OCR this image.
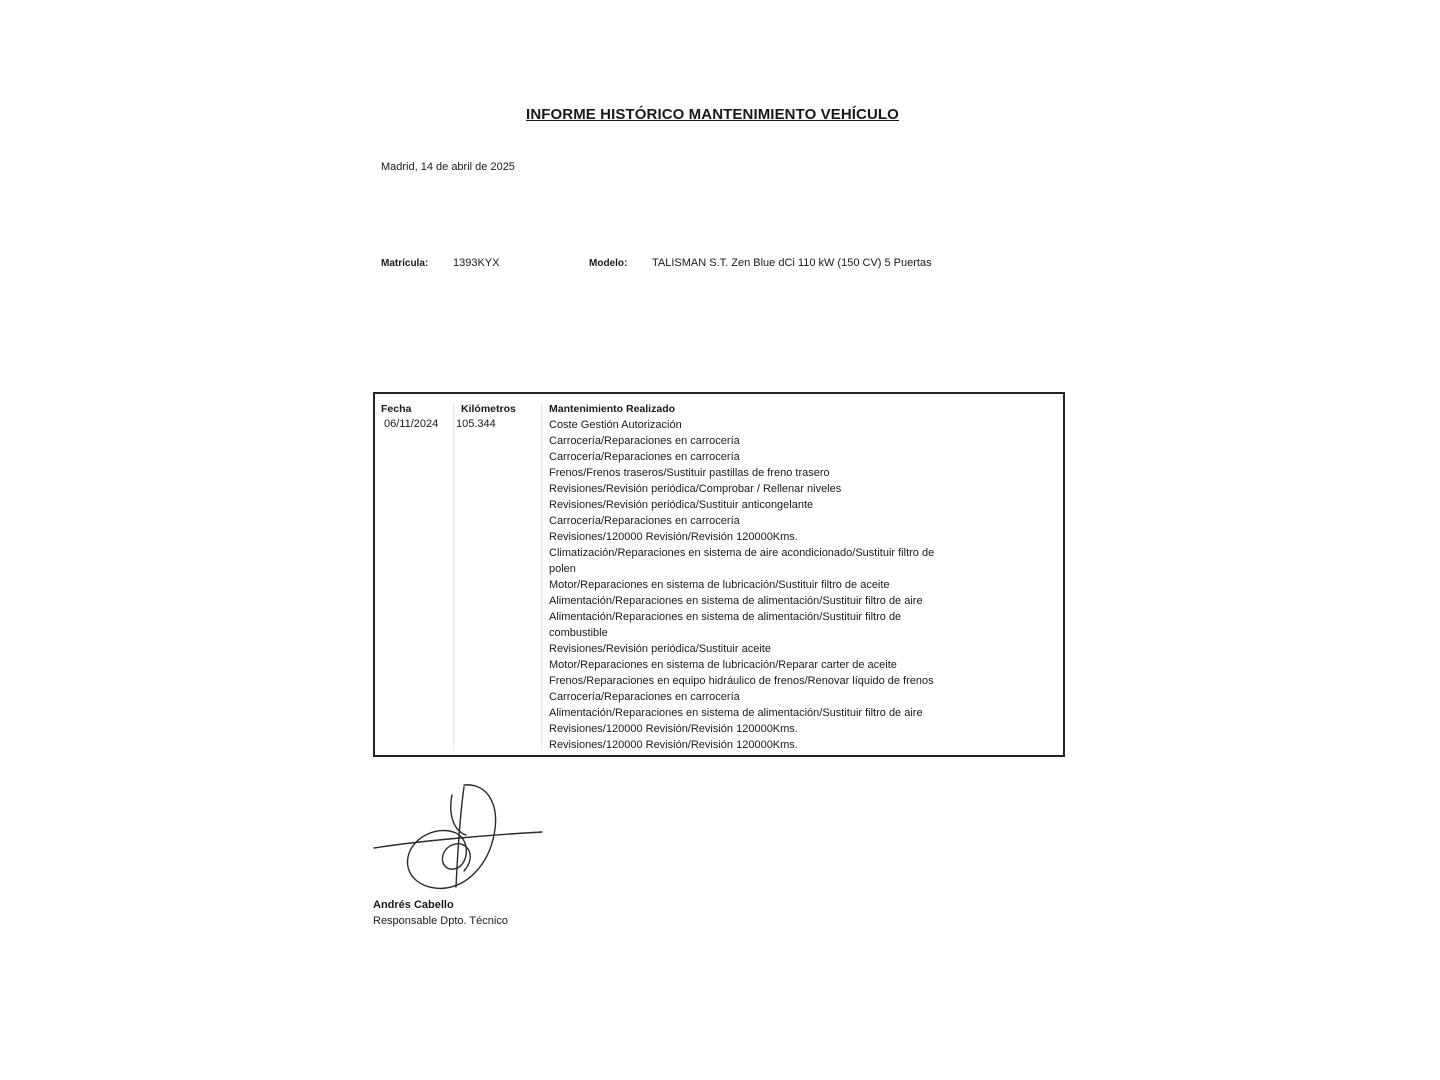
INFORME HISTÓRICO MANTENIMIENTO VEHÍCULO
Madrid, 14 de abril de 2025
Matrícula: 1393KYX	Modelo: TALISMAN S.T. Zen Blue dCi 110 kW (150 CV) 5 Puertas
Fecha	Kilómetros	Mantenimiento Realizado
06/11/2024 105.344	Coste Gestión Autorización
Carrocería/Reparaciones en carrocería
Carrocería/Reparaciones en carrocería
Frenos/Frenos traseros/Sustituir pastillas de freno trasero
Revisiones/Revisión periódica/Comprobar / Rellenar niveles
Revisiones/Revisión periódica/Sustituir anticongelante
Carrocería/Reparaciones en carrocería
Revisiones/120000 Revisión/Revisión 120000Kms.
Climatización/Reparaciones en sistema de aire acondicionado/Sustituir filtro de
polen
Motor/Reparaciones en sistema de lubricación/Sustituir filtro de aceite
Alimentación/Reparaciones en sistema de alimentación/Sustituir filtro de aire
Alimentación/Reparaciones en sistema de alimentación/Sustituir filtro de
combustible
Revisiones/Revisión periódica/Sustituir aceite
Motor/Reparaciones en sistema de lubricación/Reparar carter de aceite
Frenos/Reparaciones en equipo hidráulico de frenos/Renovar líquido de frenos
Carrocería/Reparaciones en carrocería
Alimentación/Reparaciones en sistema de alimentación/Sustituir filtro de aire
Revisiones/120000 Revisión/Revisión 120000Kms.
Revisiones/120000 Revisión/Revisión 120000Kms.
Andrés Cabello
Responsable Dpto. Técnico
